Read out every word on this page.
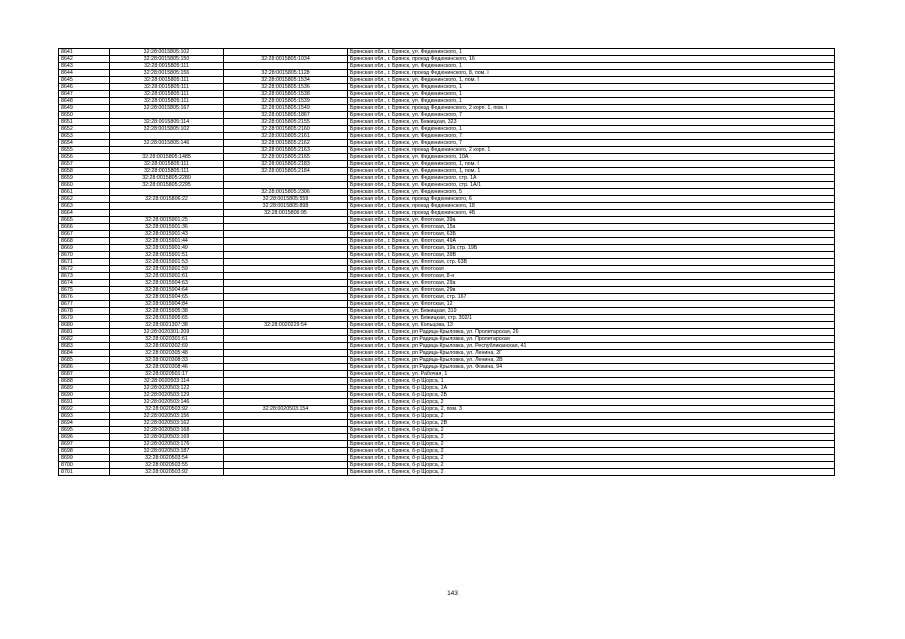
8641	32:28:0015805:102		Брянская обл., г. Брянск, ул. Федюнинского, 1
8642	32:28:0015805:150	32:28:0015805:1034	Брянская обл., г. Брянск, проезд Федюнинского, 16
8643	32:28:0015805:111		Брянская обл., г. Брянск, ул. Федюнинского, 1
8644	32:28:0015805:156	32:28:0015805:1128	Брянская обл., г. Брянск, проезд Федюнинского, 8, пом. I
8645	32:28:0015805:111	32:28:0015805:1534	Брянская обл., г. Брянск, ул. Федюнинского, 1, пом. I
8646	32:28:0015805:111	32:28:0015805:1536	Брянская обл., г. Брянск, ул. Федюнинского, 1
8647	32:28:0015805:111	32:28:0015805:1538	Брянская обл., г. Брянск, ул. Федюнинского, 1
8648	32:28:0015805:111	32:28:0015805:1539	Брянская обл., г. Брянск, ул. Федюнинского, 1
8649	32:28:0015805:167	32:28:0015805:1549	Брянская обл., г. Брянск, проезд Федюнинского, 2 корп. 1, пом. I
8650		32:28:0015805:1867	Брянская обл., г. Брянск, ул. Федюнинского, 7
8651	32:28:0015805:114	32:28:0015805:2155	Брянская обл., г. Брянск, ул. Бежицкая, 323
8652	32:28:0015805:102	32:28:0015805:2160	Брянская обл., г. Брянск, ул. Федюнинского, 1
8653		32:28:0015805:2161	Брянская обл., г. Брянск, ул. Федюнинского, 7
8654	32:28:0015805:146	32:28:0015805:2162	Брянская обл., г. Брянск, ул. Федюнинского, 7
8655		32:28:0015805:2163	Брянская обл., г. Брянск, проезд Федюнинского, 2 корп. 1
8656	32:28:0015805:1485	32:28:0015805:2165	Брянская обл., г. Брянск, ул. Федюнинского, 10А
8657	32:28:0015805:111	32:28:0015805:2183	Брянская обл., г. Брянск, ул. Федюнинского, 1, пом. I
8658	32:28:0015805:111	32:28:0015805:2184	Брянская обл., г. Брянск, ул. Федюнинского, 1, пом. 1
8659	32:28:0015805:2280		Брянская обл., г. Брянск, ул. Федюнинского, стр. 1А
8660	32:28:0015805:2295		Брянская обл., г. Брянск, ул. Федюнинского, стр. 1А/1
8661		32:28:0015805:2306	Брянская обл., г. Брянск, ул. Федюнинского, 5
8662	32:28:0015806:22	32:28:0015805:559	Брянская обл., г. Брянск, проезд Федюнинского, 6
8663		32:28:0015805:898	Брянская обл., г. Брянск, проезд Федюнинского, 18
8664		32:28:0015806:95	Брянская обл., г. Брянск, проезд Федюнинского, 4Б
8665	32:28:0015901:25		Брянская обл., г. Брянск, ул. Флотская, 39а
8666	32:28:0015901:36		Брянская обл., г. Брянск, ул. Флотская, 15а
8667	32:28:0015901:43		Брянская обл., г. Брянск, ул. Флотская, 63Б
8668	32:28:0015901:44		Брянская обл., г. Брянск, ул. Флотская, 49А
8669	32:28:0015901:49		Брянская обл., г. Брянск, ул. Флотская, 19а стр. 19Б
8670	32:28:0015901:51		Брянская обл., г. Брянск, ул. Флотская, 39В
8671	32:28:0015901:53		Брянская обл., г. Брянск, ул. Флотская, стр. 63В
8672	32:28:0015901:59		Брянская обл., г. Брянск, ул. Флотская
8673	32:28:0015901:61		Брянская обл., г. Брянск, ул. Флотская, 8-н
8674	32:28:0015904:63		Брянская обл., г. Брянск, ул. Флотская, 29а
8675	32:28:0015904:64		Брянская обл., г. Брянск, ул. Флотская, 29в
8676	32:28:0015904:65		Брянская обл., г. Брянск, ул. Флотская, стр. 167
8677	32:28:0015904:84		Брянская обл., г. Брянск, ул. Флотская, 12
8678	32:28:0015905:38		Брянская обл., г. Брянск, ул. Бежицкая, 319
8679	32:28:0015905:65		Брянская обл., г. Брянск, ул. Бежицкая, стр. 302/1
8680	32:28:0021307:38	32:28:0020229:54	Брянская обл., г. Брянск, ул. Кольцова, 13
8681	32:28:0020301:209		Брянская обл., г. Брянск, рп Радица-Крыловка, ул. Пролетарская, 26
8682	32:28:0020301:61		Брянская обл., г. Брянск, рп Радица-Крыловка, ул. Пролетарская
8683	32:28:0020302:69		Брянская обл., г. Брянск, рп Радица-Крыловка, ул. Республиканская, 41
8684	32:28:0020305:48		Брянская обл., г. Брянск, рп Радица-Крыловка, ул. Ленина, 2Г
8685	32:28:0020308:33		Брянская обл., г. Брянск, рп Радица-Крыловка, ул. Ленина, 2В
8686	32:28:0020308:46		Брянская обл., г. Брянск, рп Радица-Крыловка, ул. Фокина, 94
8687	32:28:0020501:17		Брянская обл., г. Брянск, ул. Рабочая, 1
8688	32:28:0020503:114		Брянская обл., г. Брянск, б-р Щорса, 1
8689	32:28:0020503:122		Брянская обл., г. Брянск, б-р Щорса, 1А
8690	32:28:0020503:129		Брянская обл., г. Брянск, б-р Щорса, 2Б
8691	32:28:0020503:146		Брянская обл., г. Брянск, б-р Щорса, 2
8692	32:28:0020503:92	32:28:0020503:154	Брянская обл., г. Брянск, б-р Щорса, 2, пом. 3
8693	32:28:0020503:156		Брянская обл., г. Брянск, б-р Щорса, 2
8694	32:28:0020503:162		Брянская обл., г. Брянск, б-р Щорса, 2В
8695	32:28:0020503:168		Брянская обл., г. Брянск, б-р Щорса, 2
8696	32:28:0020503:169		Брянская обл., г. Брянск, б-р Щорса, 2
8697	32:28:0020503:176		Брянская обл., г. Брянск, б-р Щорса, 2
8698	32:28:0020503:187		Брянская обл., г. Брянск, б-р Щорса, 2
8699	32:28:0020503:54		Брянская обл., г. Брянск, б-р Щорса, 2
8700	32:28:0020503:55		Брянская обл., г. Брянск, б-р Щорса, 2
8701	32:28:0020503:92		Брянская обл., г. Брянск, б-р Щорса, 2
143
